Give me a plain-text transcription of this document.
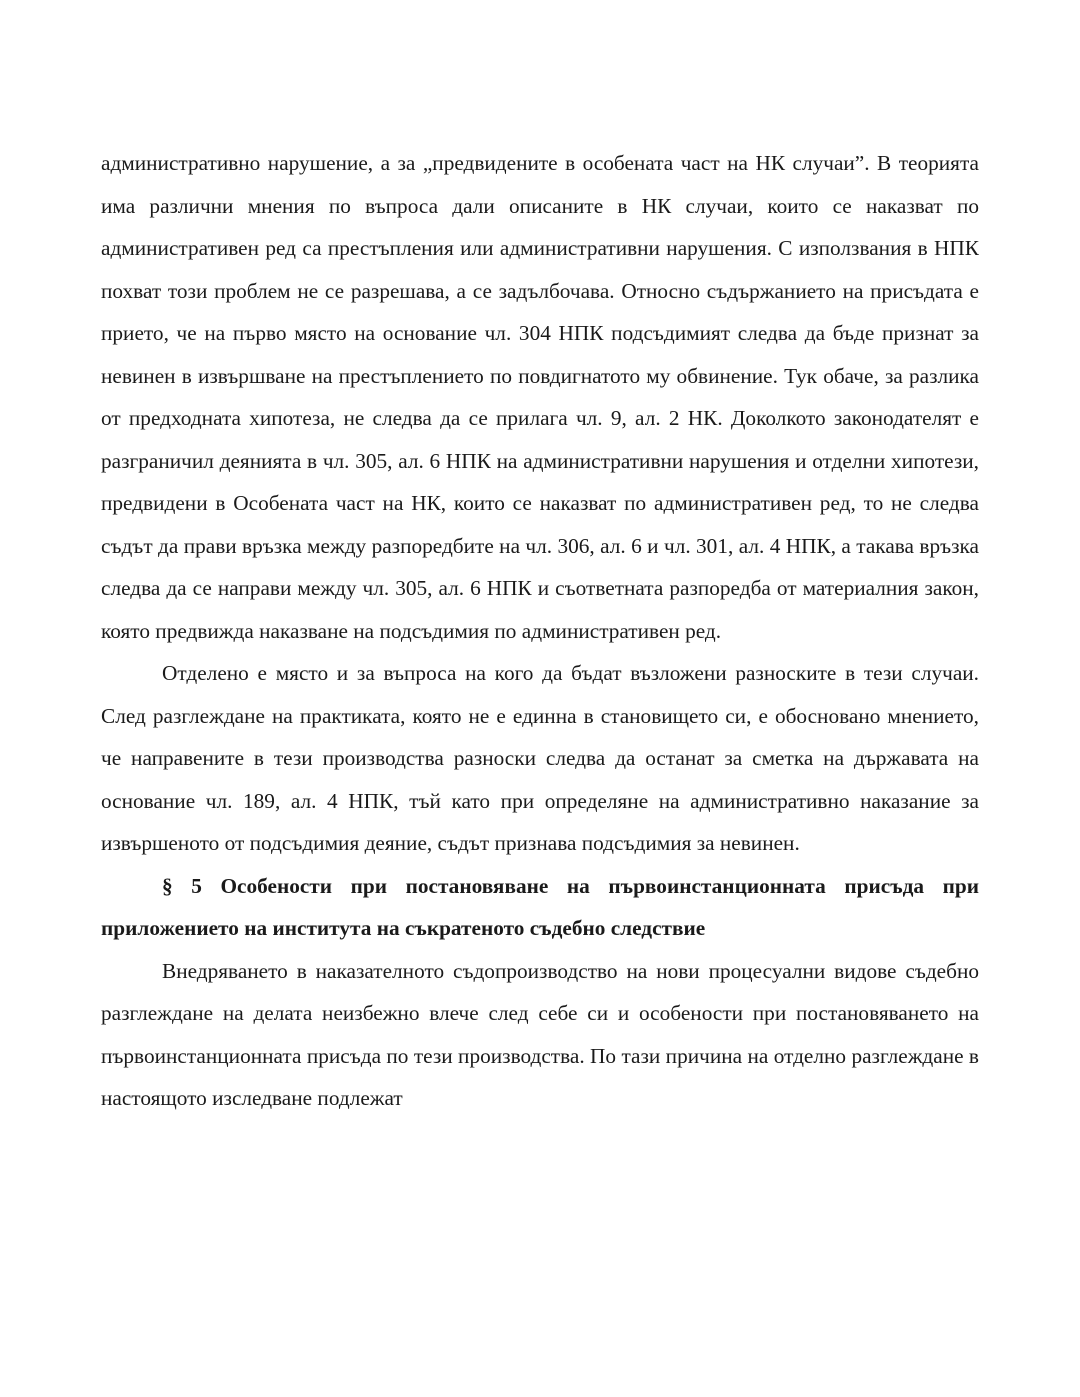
административно нарушение, а за „предвидените в особената част на НК случаи”. В теорията има различни мнения по въпроса дали описаните в НК случаи, които се наказват по административен ред са престъпления или административни нарушения. С използвания в НПК похват този проблем не се разрешава, а се задълбочава. Относно съдържанието на присъдата е прието, че на първо място на основание чл. 304 НПК подсъдимият следва да бъде признат за невинен в извършване на престъплението по повдигнатото му обвинение. Тук обаче, за разлика от предходната хипотеза, не следва да се прилага чл. 9, ал. 2 НК. Доколкото законодателят е разграничил деянията в чл. 305, ал. 6 НПК на административни нарушения и отделни хипотези, предвидени в Особената част на НК, които се наказват по административен ред, то не следва съдът да прави връзка между разпоредбите на чл. 306, ал. 6 и чл. 301, ал. 4 НПК, а такава връзка следва да се направи между чл. 305, ал. 6 НПК и съответната разпоредба от материалния закон, която предвижда наказване на подсъдимия по административен ред.

Отделено е място и за въпроса на кого да бъдат възложени разноските в тези случаи. След разглеждане на практиката, която не е единна в становището си, е обосновано мнението, че направените в тези производства разноски следва да останат за сметка на държавата на основание чл. 189, ал. 4 НПК, тъй като при определяне на административно наказание за извършеното от подсъдимия деяние, съдът признава подсъдимия за невинен.

§ 5 Особености при постановяване на първоинстанционната присъда при приложението на института на съкратеното съдебно следствие

Внедряването в наказателното съдопроизводство на нови процесуални видове съдебно разглеждане на делата неизбежно влече след себе си и особености при постановяването на първоинстанционната присъда по тези производства. По тази причина на отделно разглеждане в настоящото изследване подлежат
